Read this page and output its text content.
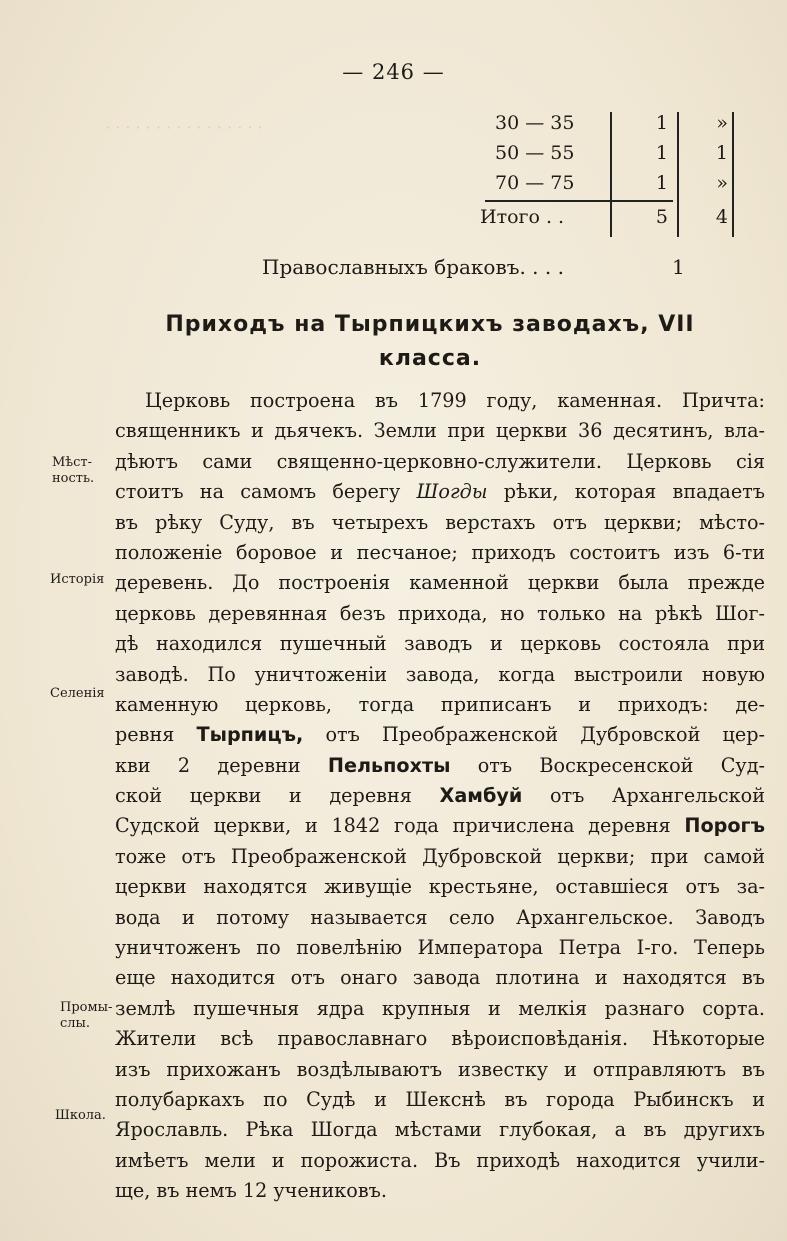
— 246 —
· · · · · · · · · · · · · · · ·	30 — 35	1	»
50 — 55	1	1
70 — 75	1	»
Итого . .	5	4
Православныхъ браковъ. . . .	1
Приходъ на Тырпицкихъ заводахъ, VII
класса.
Мѣст-ность.
Исторія
Селенія
Промы-слы.
Школа.
Церковь построена въ 1799 году, каменная. Причта:
священникъ и дьячекъ. Земли при церкви 36 десятинъ, вла-
дѣютъ сами священно-церковно-служители. Церковь сія
стоитъ на самомъ берегу Шогды рѣки, которая впадаетъ
въ рѣку Суду, въ четырехъ верстахъ отъ церкви; мѣсто-
положеніе боровое и песчаное; приходъ состоитъ изъ 6-ти
деревень. До построенія каменной церкви была прежде
церковь деревянная безъ прихода, но только на рѣкѣ Шог-
дѣ находился пушечный заводъ и церковь состояла при
заводѣ. По уничтоженіи завода, когда выстроили новую
каменную церковь, тогда приписанъ и приходъ: де-
ревня Тырпицъ, отъ Преображенской Дубровской цер-
кви 2 деревни Пельпохты отъ Воскресенской Суд-
ской церкви и деревня Хамбуй отъ Архангельской
Судской церкви, и 1842 года причислена деревня Порогъ
тоже отъ Преображенской Дубровской церкви; при самой
церкви находятся живущіе крестьяне, оставшіеся отъ за-
вода и потому называется село Архангельское. Заводъ
уничтоженъ по повелѣнію Императора Петра І-го. Теперь
еще находится отъ онаго завода плотина и находятся въ
землѣ пушечныя ядра крупныя и мелкія разнаго сорта.
Жители всѣ православнаго вѣроисповѣданія. Нѣкоторые
изъ прихожанъ воздѣлываютъ известку и отправляютъ въ
полубаркахъ по Судѣ и Шекснѣ въ города Рыбинскъ и
Ярославль. Рѣка Шогда мѣстами глубокая, а въ другихъ
имѣетъ мели и порожиста. Въ приходѣ находится учили-
ще, въ немъ 12 учениковъ.
